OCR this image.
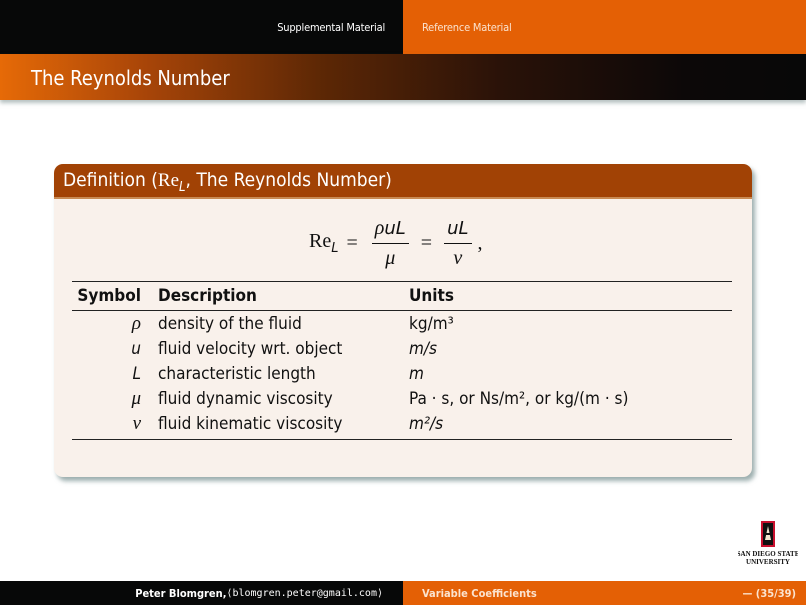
Supplemental Material	Reference Material
The Reynolds Number
Definition ($Re_L$, The Reynolds Number)
$Re_L = \frac{\text{ρuL}}{\mu} = \frac{uL}{\nu}$ ,
Symbol	Description	Units
ρ	density of the fluid	kg/m³
u	fluid velocity wrt. object	m/s
L	characteristic length	m
μ	fluid dynamic viscosity	Pa · s, or Ns/m², or kg/(m · s)
ν	fluid kinematic viscosity	m²/s
SAN DIEGO STATE
UNIVERSITY
Peter Blomgren, ⟨blomgren.peter@gmail.com⟩	Variable Coefficients	— (35/39)
